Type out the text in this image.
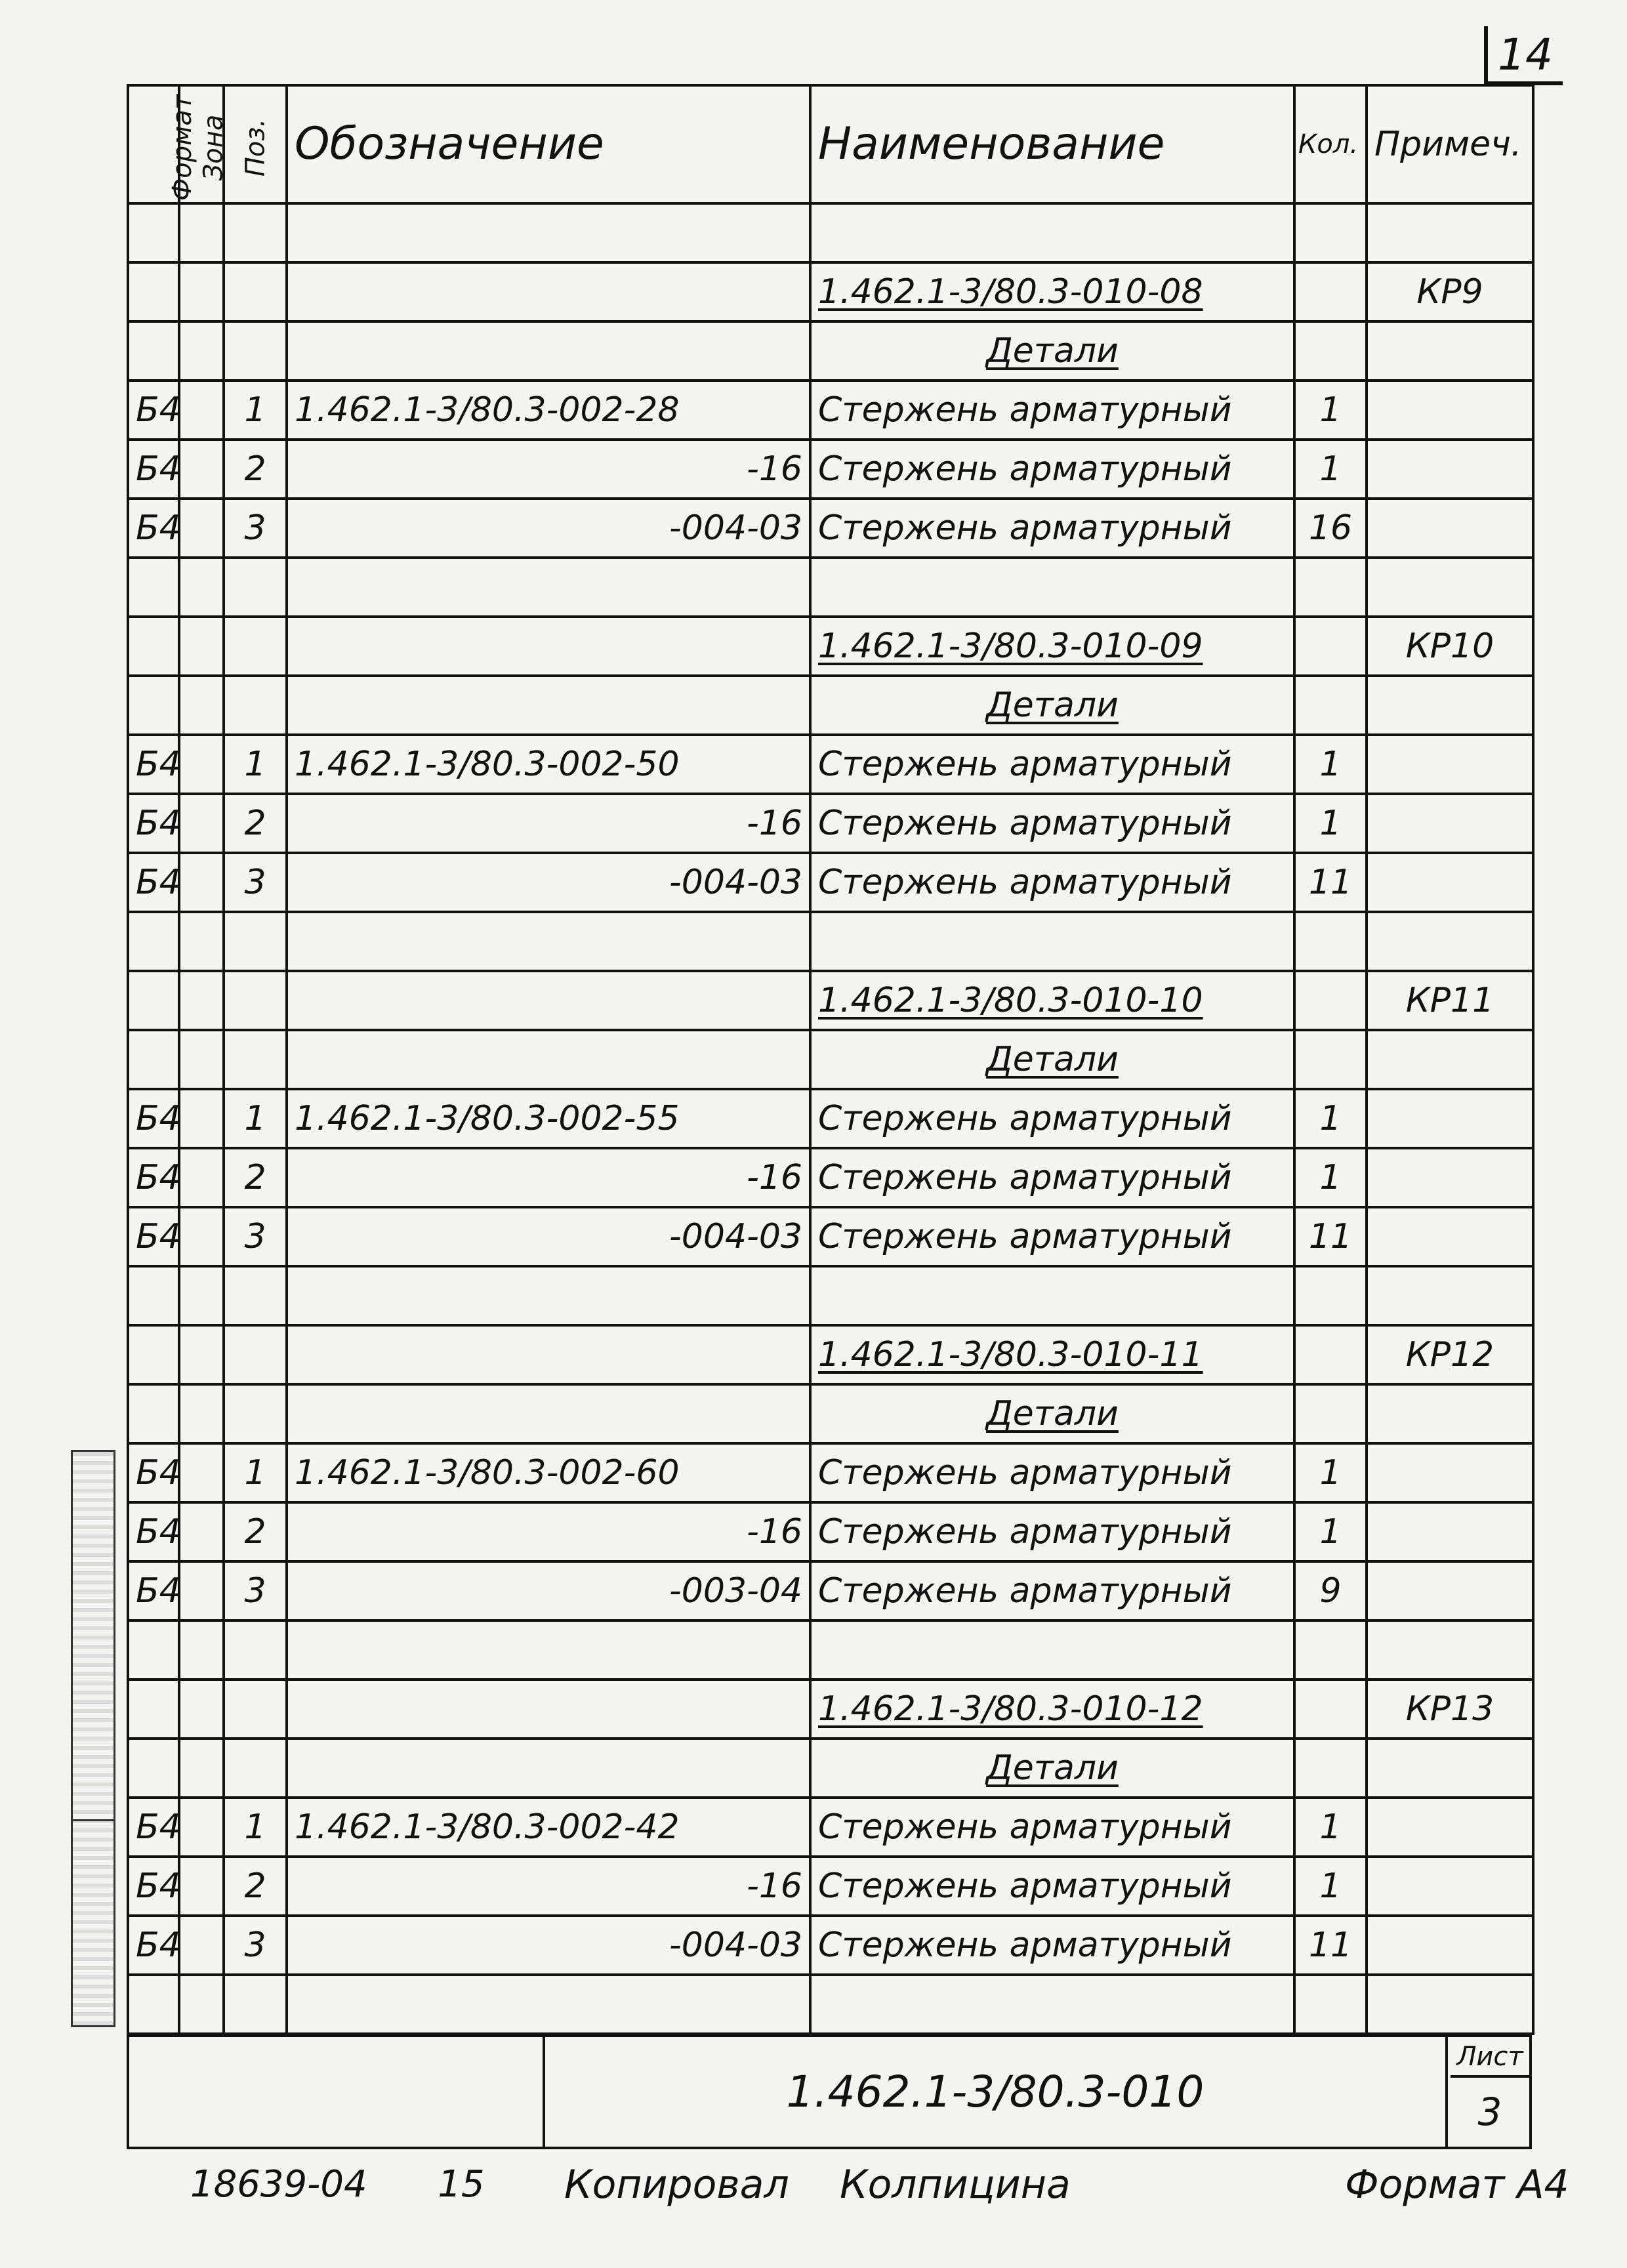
14
Формат	Зона	Поз.	Обозначение	Наименование	Кол.	Примеч.

				1.462.1-3/80.3-010-08		КР9
				Детали		
Б4		1	1.462.1-3/80.3-002-28	Стержень арматурный	1	
Б4		2	-16	Стержень арматурный	1	
Б4		3	-004-03	Стержень арматурный	16	

				1.462.1-3/80.3-010-09		КР10
				Детали		
Б4		1	1.462.1-3/80.3-002-50	Стержень арматурный	1	
Б4		2	-16	Стержень арматурный	1	
Б4		3	-004-03	Стержень арматурный	11	

				1.462.1-3/80.3-010-10		КР11
				Детали		
Б4		1	1.462.1-3/80.3-002-55	Стержень арматурный	1	
Б4		2	-16	Стержень арматурный	1	
Б4		3	-004-03	Стержень арматурный	11	

				1.462.1-3/80.3-010-11		КР12
				Детали		
Б4		1	1.462.1-3/80.3-002-60	Стержень арматурный	1	
Б4		2	-16	Стержень арматурный	1	
Б4		3	-003-04	Стержень арматурный	9	

				1.462.1-3/80.3-010-12		КР13
				Детали		
Б4		1	1.462.1-3/80.3-002-42	Стержень арматурный	1	
Б4		2	-16	Стержень арматурный	1	
Б4		3	-004-03	Стержень арматурный	11	

1.462.1-3/80.3-010
Лист
3
18639-04 15 Копировал Колпицина	Формат А4
